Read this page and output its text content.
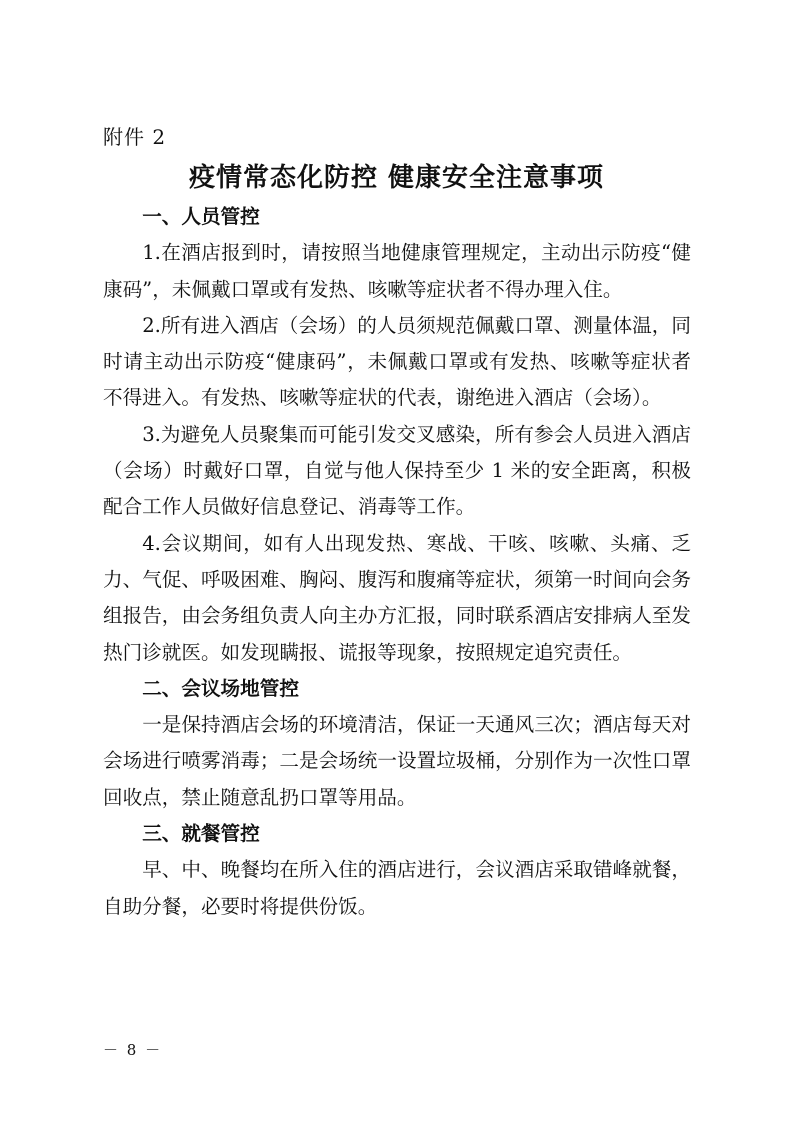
附件 2
疫情常态化防控 健康安全注意事项
一、人员管控

1.在酒店报到时，请按照当地健康管理规定，主动出示防疫“健康码”，未佩戴口罩或有发热、咳嗽等症状者不得办理入住。

2.所有进入酒店（会场）的人员须规范佩戴口罩、测量体温，同时请主动出示防疫“健康码”，未佩戴口罩或有发热、咳嗽等症状者不得进入。有发热、咳嗽等症状的代表，谢绝进入酒店（会场）。

3.为避免人员聚集而可能引发交叉感染，所有参会人员进入酒店（会场）时戴好口罩，自觉与他人保持至少 1 米的安全距离，积极配合工作人员做好信息登记、消毒等工作。

4.会议期间，如有人出现发热、寒战、干咳、咳嗽、头痛、乏力、气促、呼吸困难、胸闷、腹泻和腹痛等症状，须第一时间向会务组报告，由会务组负责人向主办方汇报，同时联系酒店安排病人至发热门诊就医。如发现瞒报、谎报等现象，按照规定追究责任。

二、会议场地管控

一是保持酒店会场的环境清洁，保证一天通风三次；酒店每天对会场进行喷雾消毒；二是会场统一设置垃圾桶，分别作为一次性口罩回收点，禁止随意乱扔口罩等用品。

三、就餐管控

早、中、晚餐均在所入住的酒店进行，会议酒店采取错峰就餐，自助分餐，必要时将提供份饭。

－ 8 －
